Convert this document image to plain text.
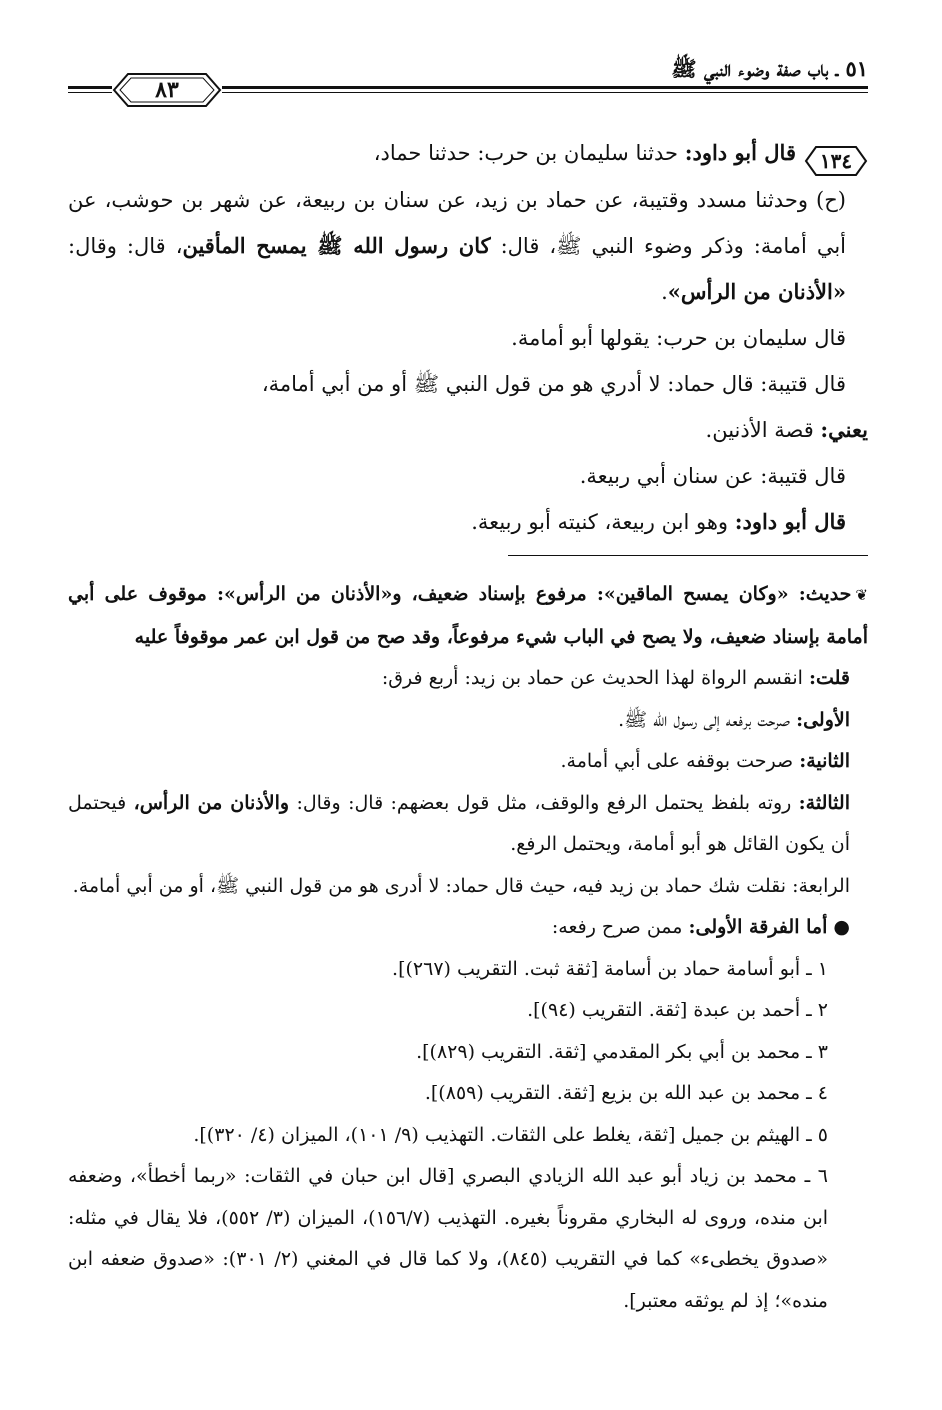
٥١ ـ باب صفة وضوء النبي ﷺ
٨٣

١٣٤قال أبو داود: حدثنا سليمان بن حرب: حدثنا حماد،

(ح) وحدثنا مسدد وقتيبة، عن حماد بن زيد، عن سنان بن ربيعة، عن شهر بن حوشب، عن أبي أمامة: وذكر وضوء النبي ﷺ، قال: كان رسول الله ﷺ يمسح المأقين، قال: وقال: «الأذنان من الرأس».

قال سليمان بن حرب: يقولها أبو أمامة.

قال قتيبة: قال حماد: لا أدري هو من قول النبي ﷺ أو من أبي أمامة،

يعني: قصة الأذنين.

قال قتيبة: عن سنان أبي ربيعة.

قال أبو داود: وهو ابن ربيعة، كنيته أبو ربيعة.

❦حديث: «وكان يمسح الماقين»: مرفوع بإسناد ضعيف، و«الأذنان من الرأس»: موقوف على أبي أمامة بإسناد ضعيف، ولا يصح في الباب شيء مرفوعاً، وقد صح من قول ابن عمر موقوفاً عليه

قلت: انقسم الرواة لهذا الحديث عن حماد بن زيد: أربع فرق:

الأولى: صرحت برفعه إلى رسول الله ﷺ.

الثانية: صرحت بوقفه على أبي أمامة.

الثالثة: روته بلفظ يحتمل الرفع والوقف، مثل قول بعضهم: قال: وقال: والأذنان من الرأس، فيحتمل أن يكون القائل هو أبو أمامة، ويحتمل الرفع.

الرابعة: نقلت شك حماد بن زيد فيه، حيث قال حماد: لا أدرى هو من قول النبي ﷺ، أو من أبي أمامة.

● أما الفرقة الأولى: ممن صرح رفعه:

١ ـ أبو أسامة حماد بن أسامة [ثقة ثبت. التقريب (٢٦٧)].

٢ ـ أحمد بن عبدة [ثقة. التقريب (٩٤)].

٣ ـ محمد بن أبي بكر المقدمي [ثقة. التقريب (٨٢٩)].

٤ ـ محمد بن عبد الله بن بزيع [ثقة. التقريب (٨٥٩)].

٥ ـ الهيثم بن جميل [ثقة، يغلط على الثقات. التهذيب (٩/ ١٠١)، الميزان (٤/ ٣٢٠)].

٦ ـ محمد بن زياد أبو عبد الله الزيادي البصري [قال ابن حبان في الثقات: «ربما أخطأ»، وضعفه ابن منده، وروى له البخاري مقروناً بغيره. التهذيب (١٥٦/٧)، الميزان (٣/ ٥٥٢)، فلا يقال في مثله: «صدوق يخطىء» كما في التقريب (٨٤٥)، ولا كما قال في المغني (٢/ ٣٠١): «صدوق ضعفه ابن منده»؛ إذ لم يوثقه معتبر].
